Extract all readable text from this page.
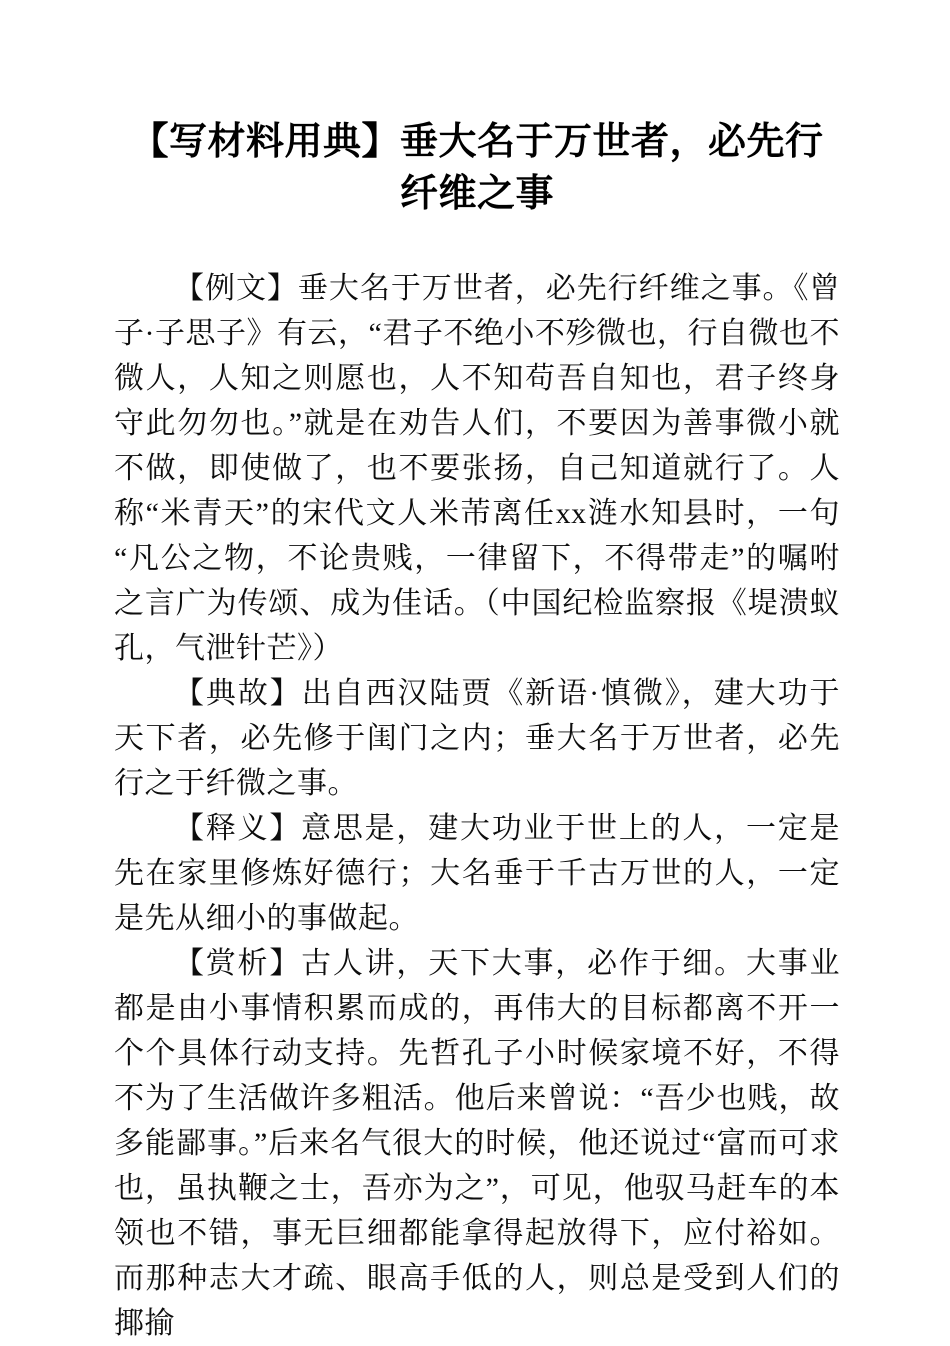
【写材料用典】垂大名于万世者，必先行纤维之事

【例文】垂大名于万世者，必先行纤维之事。《曾子·子思子》有云，“君子不绝小不殄微也，行自微也不微人，人知之则愿也，人不知苟吾自知也，君子终身守此勿勿也。”就是在劝告人们，不要因为善事微小就不做，即使做了，也不要张扬，自己知道就行了。人称“米青天”的宋代文人米芾离任xx涟水知县时，一句“凡公之物，不论贵贱，一律留下，不得带走”的嘱咐之言广为传颂、成为佳话。（中国纪检监察报《堤溃蚁孔，气泄针芒》）

【典故】出自西汉陆贾《新语·慎微》，建大功于天下者，必先修于闺门之内；垂大名于万世者，必先行之于纤微之事。

【释义】意思是，建大功业于世上的人，一定是先在家里修炼好德行；大名垂于千古万世的人，一定是先从细小的事做起。

【赏析】古人讲，天下大事，必作于细。大事业都是由小事情积累而成的，再伟大的目标都离不开一个个具体行动支持。先哲孔子小时候家境不好，不得不为了生活做许多粗活。他后来曾说：“吾少也贱，故多能鄙事。”后来名气很大的时候，他还说过“富而可求也，虽执鞭之士，吾亦为之”，可见，他驭马赶车的本领也不错，事无巨细都能拿得起放得下，应付裕如。而那种志大才疏、眼高手低的人，则总是受到人们的揶揄
